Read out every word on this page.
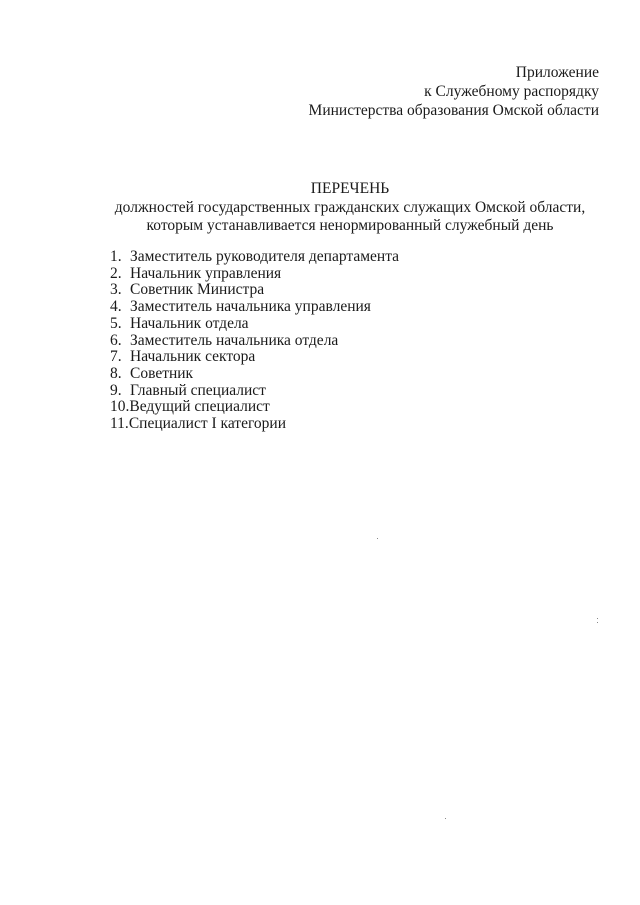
Приложение
к Служебному распорядку
Министерства образования Омской области
ПЕРЕЧЕНЬ
должностей государственных гражданских служащих Омской области,
которым устанавливается ненормированный служебный день
1. Заместитель руководителя департамента
2. Начальник управления
3. Советник Министра
4. Заместитель начальника управления
5. Начальник отдела
6. Заместитель начальника отдела
7. Начальник сектора
8. Советник
9. Главный специалист
10. Ведущий специалист
11. Специалист I категории
